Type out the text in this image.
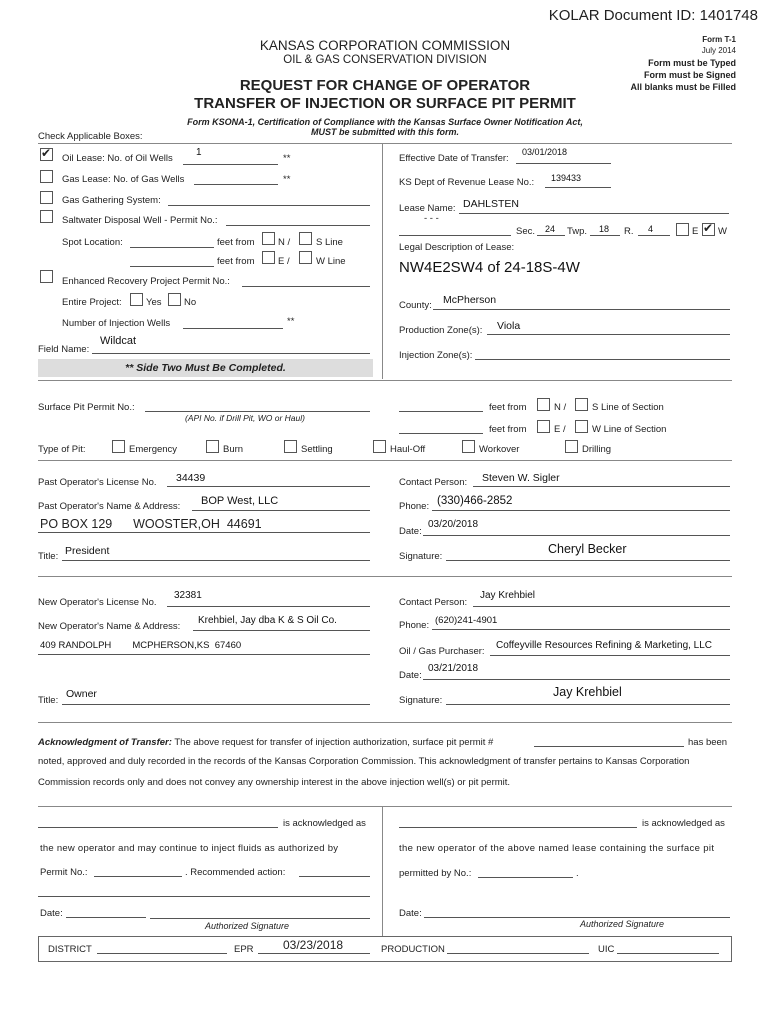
KOLAR Document ID: 1401748
KANSAS CORPORATION COMMISSION
OIL & GAS CONSERVATION DIVISION
REQUEST FOR CHANGE OF OPERATOR
TRANSFER OF INJECTION OR SURFACE PIT PERMIT
Form T-1
July 2014
Form must be Typed
Form must be Signed
All blanks must be Filled
Form KSONA-1, Certification of Compliance with the Kansas Surface Owner Notification Act,
MUST be submitted with this form.
Check Applicable Boxes:
✔ Oil Lease: No. of Oil Wells
1
**
Gas Lease: No. of Gas Wells	**
Gas Gathering System:
Saltwater Disposal Well - Permit No.:
Spot Location:	feet from N /	S Line
feet from E /	W Line
Enhanced Recovery Project Permit No.:
Entire Project:	Yes No
Number of Injection Wells	**
Field Name:
Wildcat
** Side Two Must Be Completed.
Effective Date of Transfer:
03/01/2018
KS Dept of Revenue Lease No.: 139433
Lease Name: DAHLSTEN
- - -
Sec. 24 Twp. 18 R. 4	E ✔ W
Legal Description of Lease:
NW4E2SW4 of 24-18S-4W
County: McPherson
Production Zone(s): Viola
Injection Zone(s):
Surface Pit Permit No.:
(API No. if Drill Pit, WO or Haul)
feet from	N /	S Line of Section
feet from	E /	W Line of Section
Type of Pit:	Emergency	Burn	Settling	Haul-Off	Workover	Drilling
Past Operator's License No. 34439
Past Operator's Name & Address: BOP West, LLC
PO BOX 129      WOOSTER,OH  44691
Title: President
Contact Person: Steven W. Sigler
Phone: (330)466-2852
Date:
03/20/2018
Signature:
Cheryl Becker
New Operator's License No.
32381
New Operator's Name & Address:
Krehbiel, Jay dba K & S Oil Co.
409 RANDOLPH        MCPHERSON,KS  67460
Title:
Owner
Contact Person:
Jay Krehbiel
Phone: (620)241-4901
Oil / Gas Purchaser:
Coffeyville Resources Refining & Marketing, LLC
Date:
03/21/2018
Signature:
Jay Krehbiel
Acknowledgment of Transfer: The above request for transfer of injection authorization, surface pit permit #	has been
noted, approved and duly recorded in the records of the Kansas Corporation Commission. This acknowledgment of transfer pertains to Kansas Corporation
Commission records only and does not convey any ownership interest in the above injection well(s) or pit permit.
is acknowledged as
the new operator and may continue to inject fluids as authorized by
Permit No.:	. Recommended action:
Date:
Authorized Signature
is acknowledged as
the new operator of the above named lease containing the surface pit
permitted by No.:	.
Date:
Authorized Signature
DISTRICT	EPR 03/23/2018	PRODUCTION	UIC
